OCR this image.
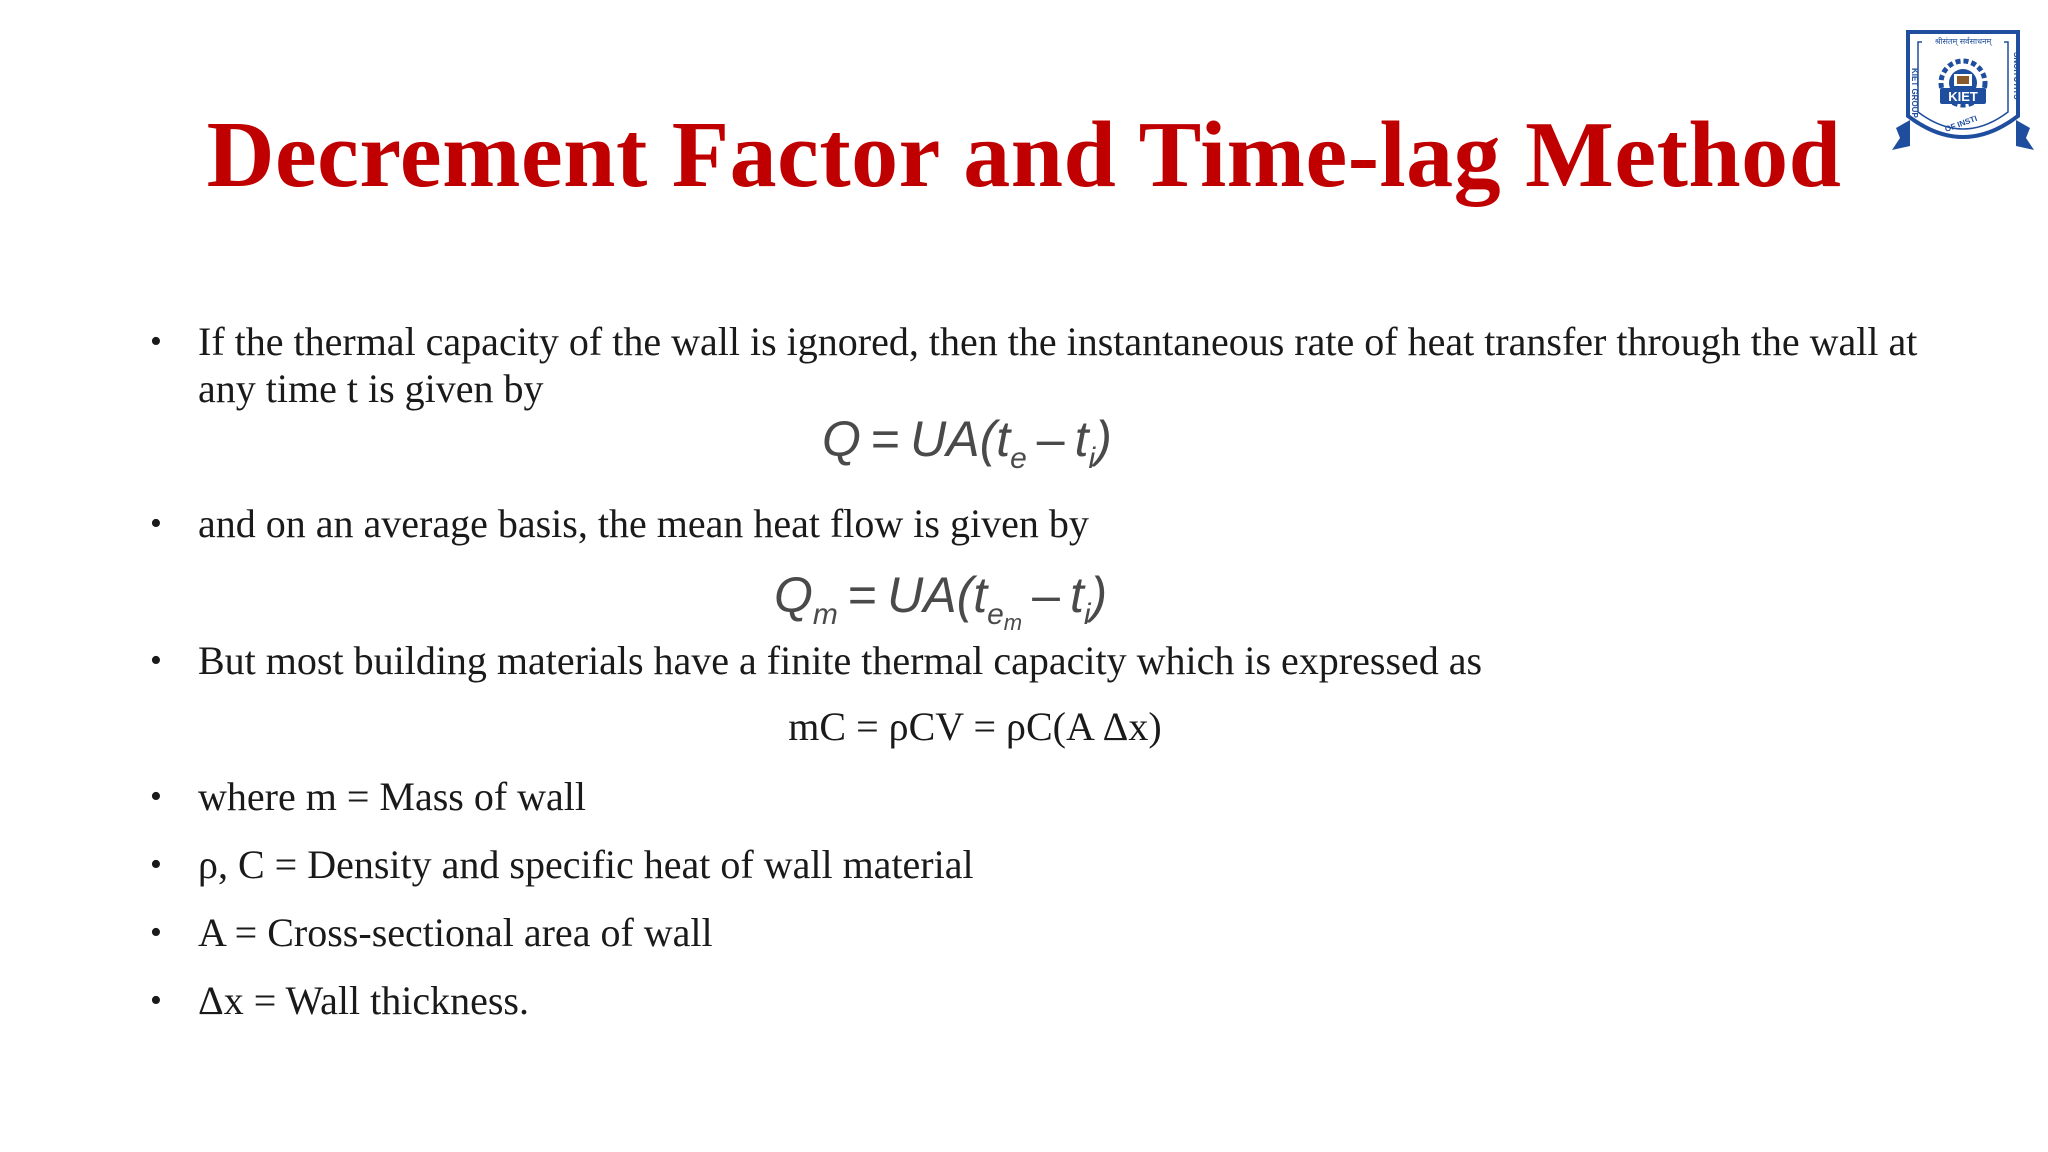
Decrement Factor and Time-lag Method
श्रीसंतम् सर्वसाधनम्
KIET
KIET GROUP	SNOITUTITS
OF INSTI
• If the thermal capacity of the wall is ignored, then the instantaneous rate of heat transfer through the wall at any time t is given by
$Q = UA(t_e - t_i)$
• and on an average basis, the mean heat flow is given by
$Q_m = UA(t_{e_m} - t_i)$
• But most building materials have a finite thermal capacity which is expressed as
mC = ρCV = ρC(A Δx)
• where m = Mass of wall
• ρ, C = Density and specific heat of wall material
• A = Cross-sectional area of wall
• Δx = Wall thickness.
